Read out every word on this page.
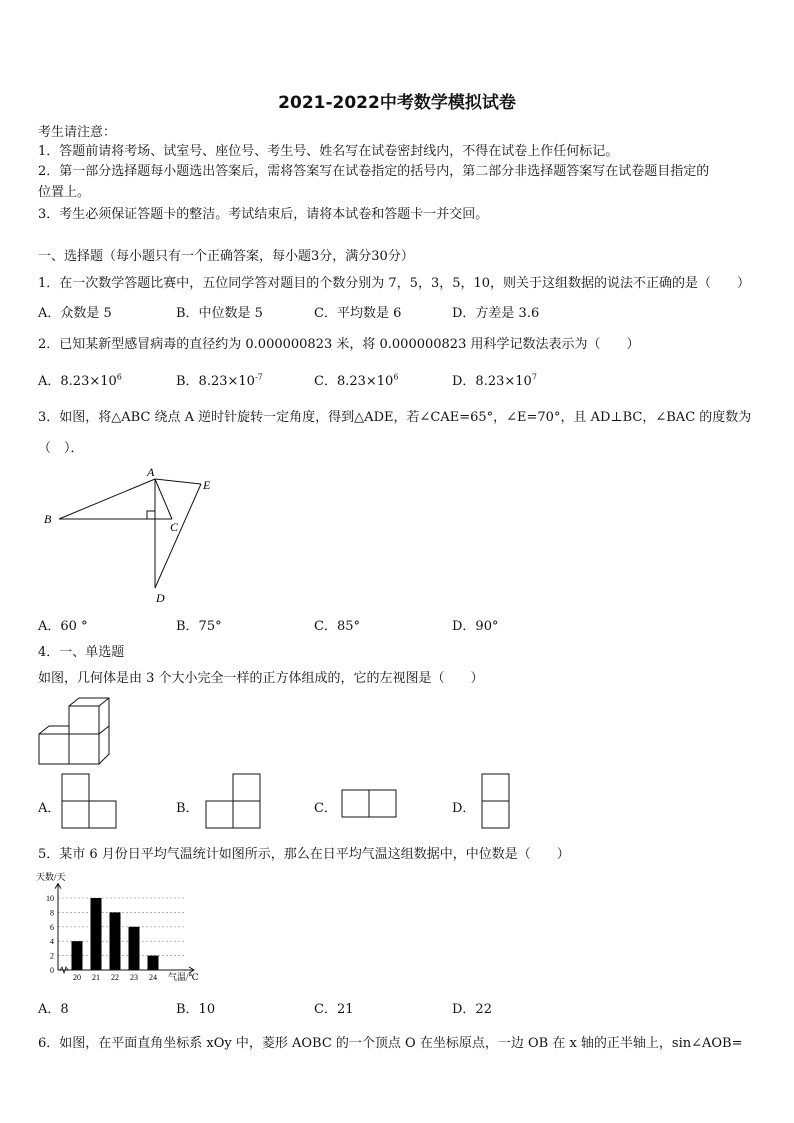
2021-2022中考数学模拟试卷
考生请注意：
1．答题前请将考场、试室号、座位号、考生号、姓名写在试卷密封线内，不得在试卷上作任何标记。
2．第一部分选择题每小题选出答案后，需将答案写在试卷指定的括号内，第二部分非选择题答案写在试卷题目指定的
位置上。
3．考生必须保证答题卡的整洁。考试结束后，请将本试卷和答题卡一并交回。
一、选择题（每小题只有一个正确答案，每小题3分，满分30分）
1．在一次数学答题比赛中，五位同学答对题目的个数分别为 7，5，3，5，10，则关于这组数据的说法不正确的是（　　）
A．众数是 5	B．中位数是 5	C．平均数是 6	D．方差是 3.6
2．已知某新型感冒病毒的直径约为 0.000000823 米，将 0.000000823 用科学记数法表示为（　　）
A．$8.23\times 10^6$	B．$8.23\times 10^{-7}$	C．$8.23\times 10^6$	D．$8.23\times 10^7$
3．如图，将△ABC 绕点 A 逆时针旋转一定角度，得到△ADE，若∠CAE=65°，∠E=70°，且 AD⊥BC，∠BAC 的度数为
（　）．
A
B
C
D
E
A．60 °	B．75°	C．85°	D．90°
4．一、单选题
如图，几何体是由 3 个大小完全一样的正方体组成的，它的左视图是（　　）
A．	B．	C．	D．
5．某市 6 月份日平均气温统计如图所示，那么在日平均气温这组数据中，中位数是（　　）
天数/天
气温/℃
0
2
4
6
8
10
20 21 22 23 24
A．8	B．10	C．21	D．22
6．如图，在平面直角坐标系 xOy 中，菱形 AOBC 的一个顶点 O 在坐标原点，一边 OB 在 x 轴的正半轴上，sin∠AOB=
